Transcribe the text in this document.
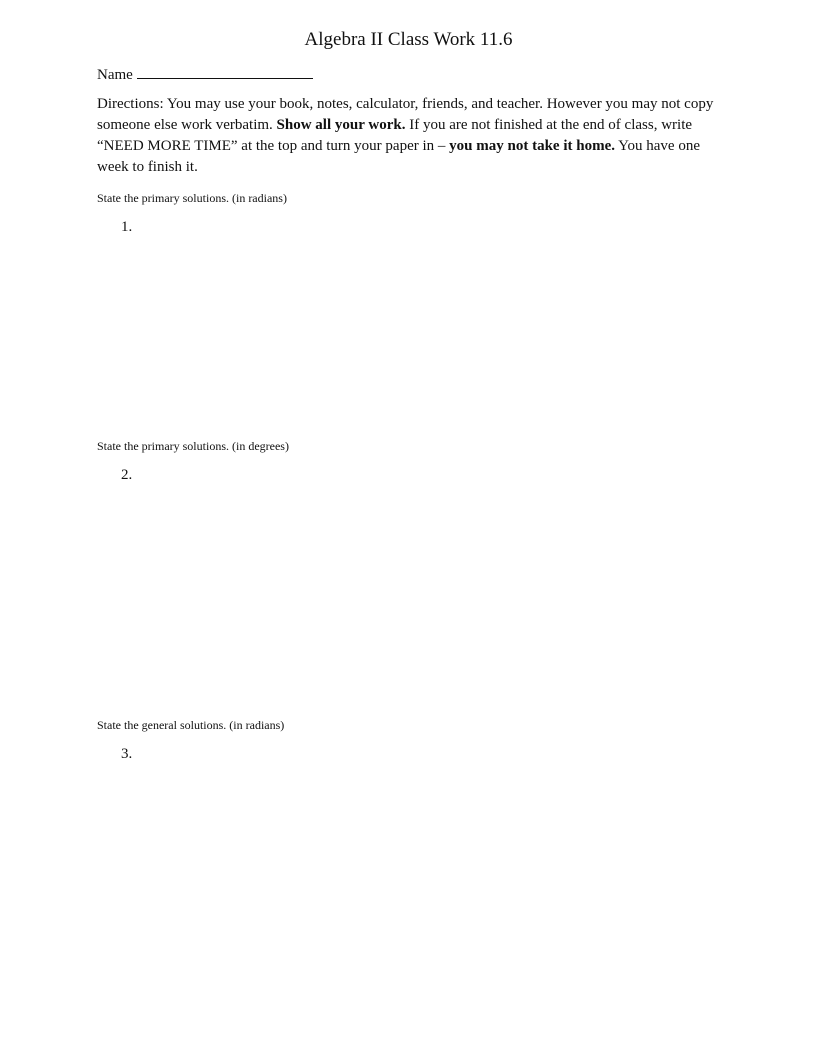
Algebra II Class Work 11.6
Name
Directions: You may use your book, notes, calculator, friends, and teacher. However you may not copy someone else work verbatim. Show all your work. If you are not finished at the end of class, write “NEED MORE TIME” at the top and turn your paper in – you may not take it home. You have one week to finish it.
State the primary solutions. (in radians)
1.
State the primary solutions. (in degrees)
2.
State the general solutions. (in radians)
3.
